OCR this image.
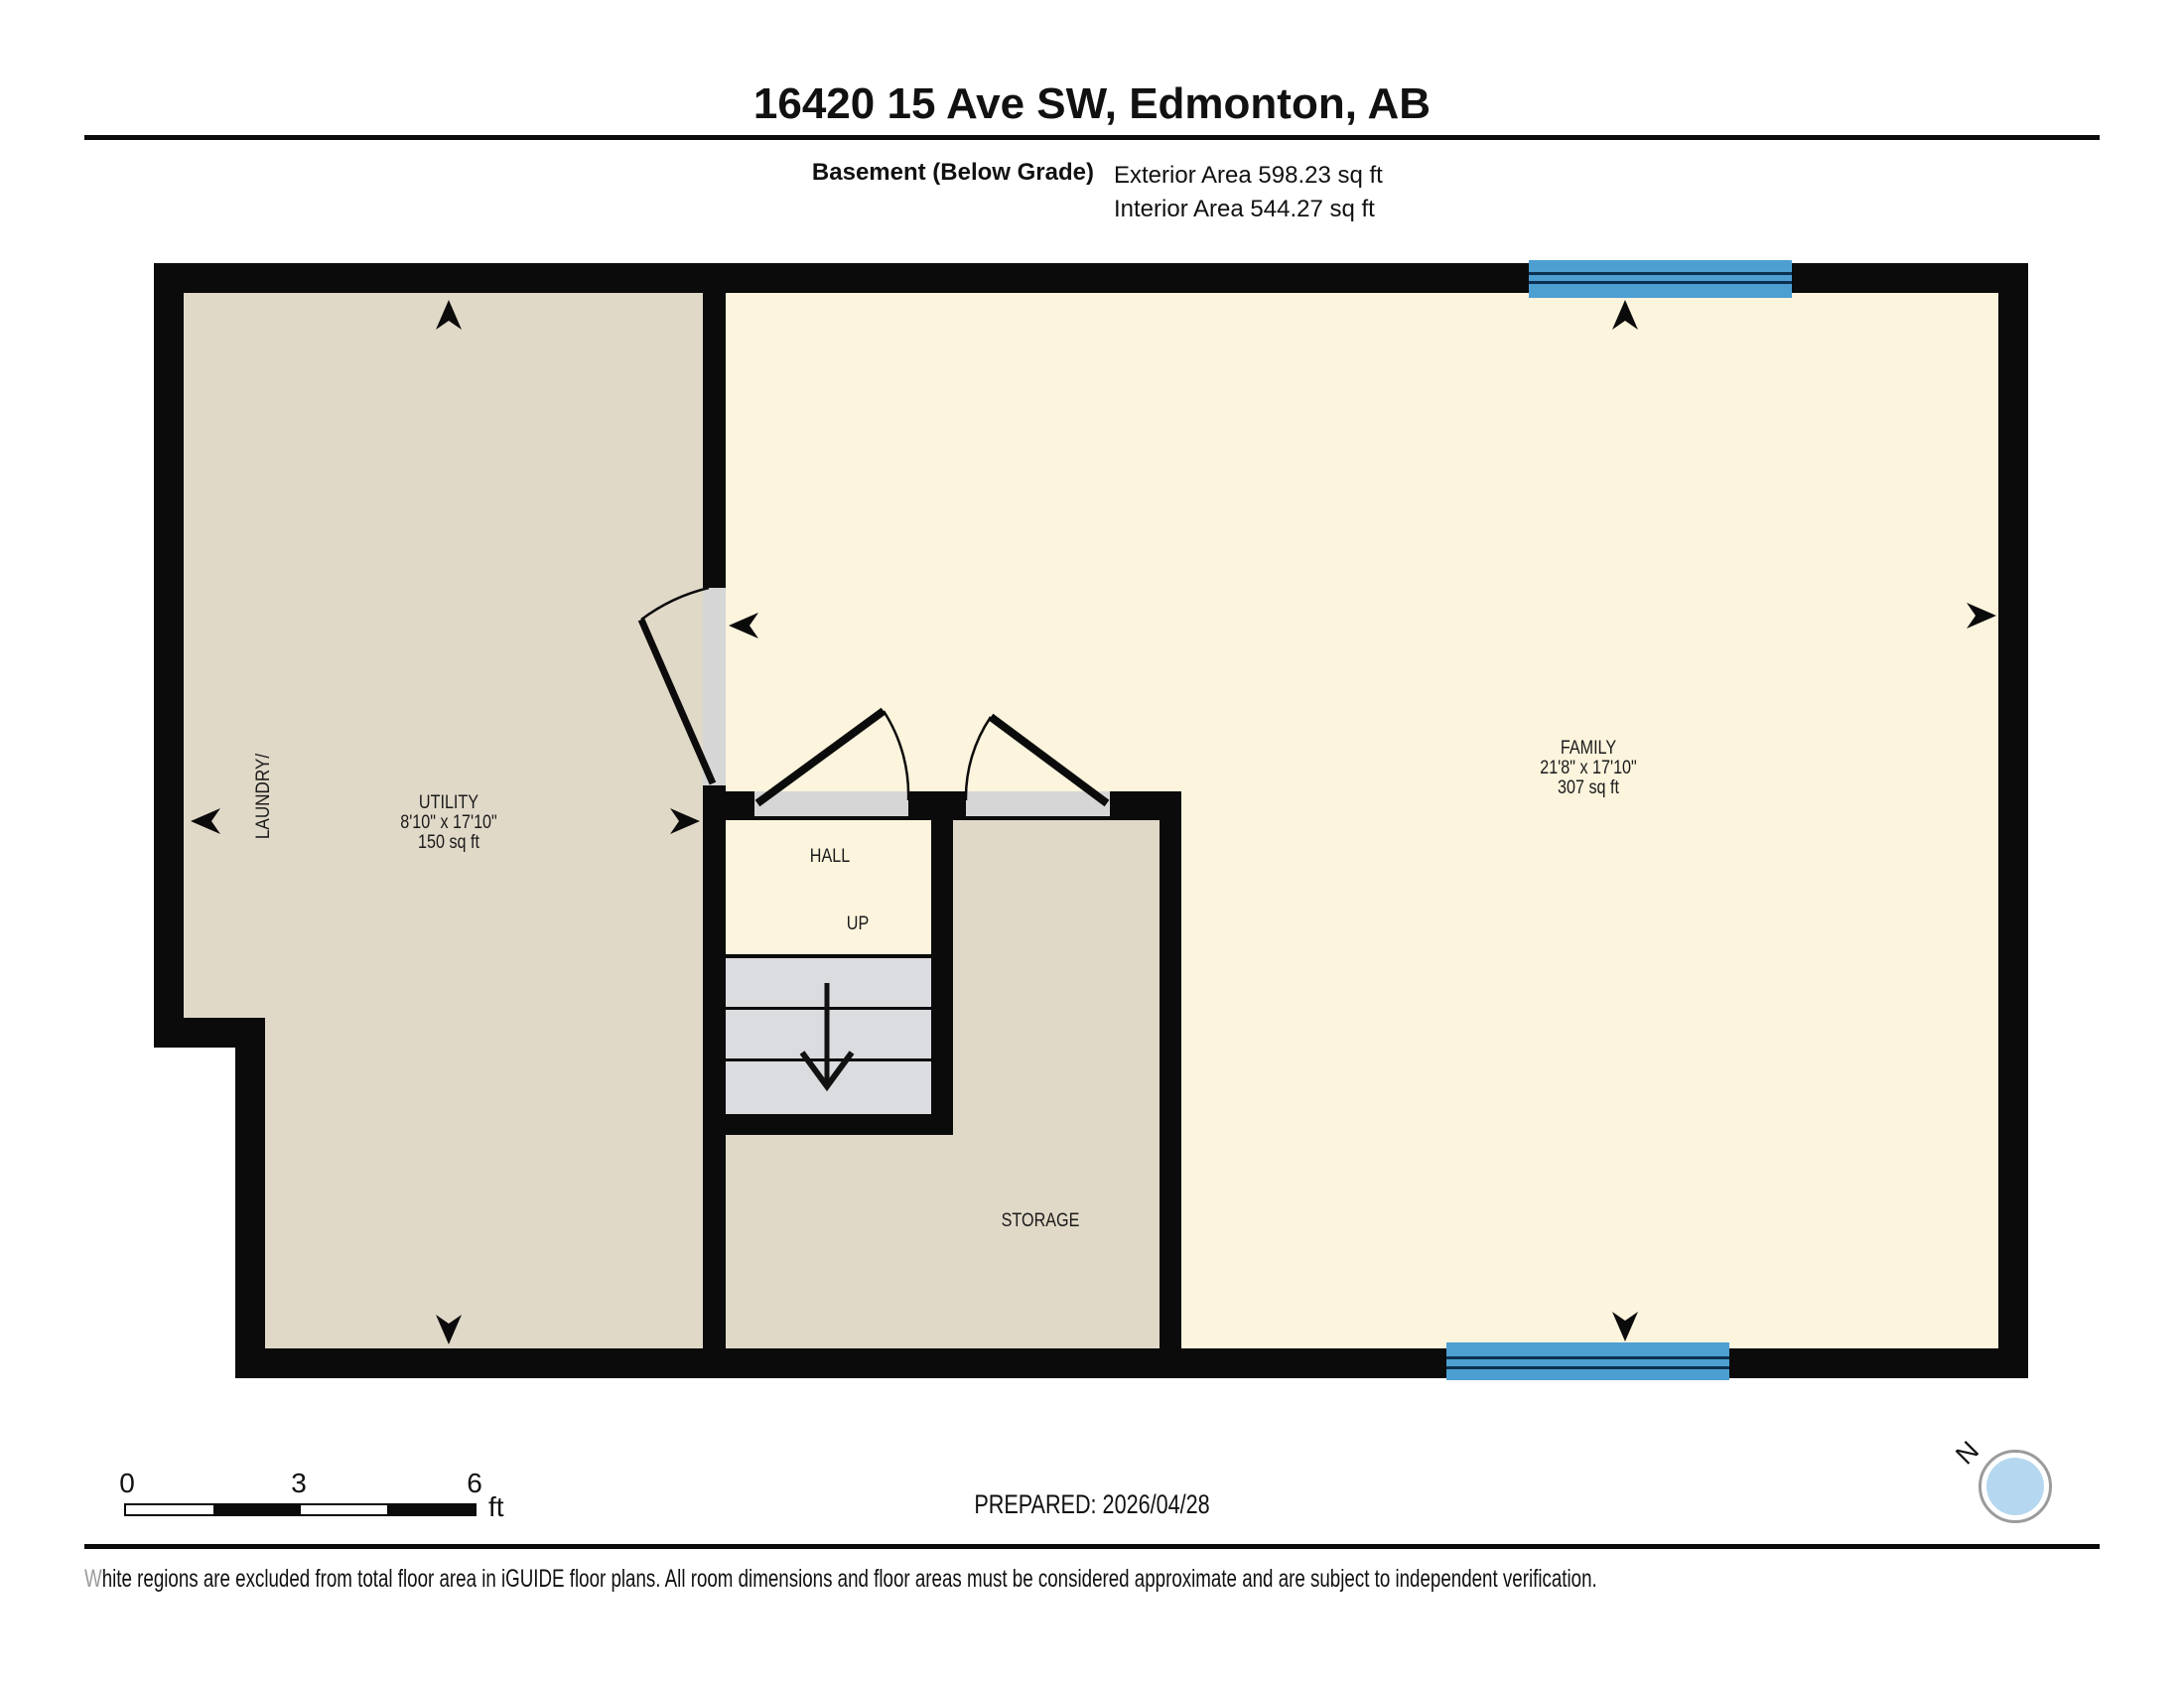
16420 15 Ave SW, Edmonton, AB
Basement (Below Grade) Exterior Area 598.23 sq ft
Interior Area 544.27 sq ft
LAUNDRY/	UTILITY
8'10" x 17'10"
150 sq ft
FAMILY
21'8" x 17'10"
307 sq ft
HALL
UP
STORAGE
0	3	6
ft	PREPARED: 2026/04/28
N
White regions are excluded from total floor area in iGUIDE floor plans. All room dimensions and floor areas must be considered approximate and are subject to independent verification.
